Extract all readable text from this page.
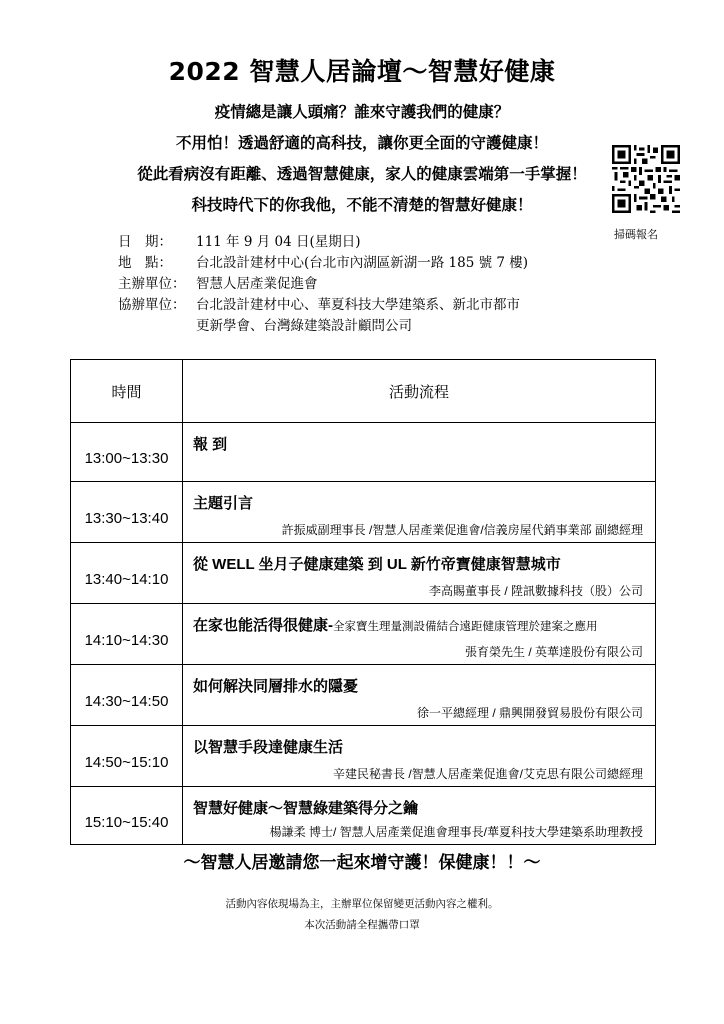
2022 智慧人居論壇～智慧好健康
疫情總是讓人頭痛？誰來守護我們的健康？
不用怕！透過舒適的高科技，讓你更全面的守護健康！
從此看病沒有距離、透過智慧健康，家人的健康雲端第一手掌握！
科技時代下的你我他，不能不清楚的智慧好健康！
掃碼報名
日　期：	111 年 9 月 04 日(星期日)
地　點：	台北設計建材中心(台北市內湖區新湖一路 185 號 7 樓)
主辦單位： 智慧人居產業促進會
協辦單位： 台北設計建材中心、華夏科技大學建築系、新北市都市
更新學會、台灣綠建築設計顧問公司
時間	活動流程
13:00~13:30	報 到

13:30~13:40	主題引言
許振威副理事長 /智慧人居產業促進會/信義房屋代銷事業部 副總經理

13:40~14:10	從 WELL 坐月子健康建築 到 UL 新竹帝寶健康智慧城市
李高賜董事長 / 陞訊數據科技（股）公司

14:10~14:30	在家也能活得很健康-全家寶生理量測設備結合遠距健康管理於建案之應用
張育榮先生 / 英華達股份有限公司

14:30~14:50	如何解決同層排水的隱憂
徐一平總經理 / 鼎興開發貿易股份有限公司

14:50~15:10	以智慧手段達健康生活
辛建民秘書長 /智慧人居產業促進會/艾克思有限公司總經理

15:10~15:40	智慧好健康～智慧綠建築得分之鑰
楊謙柔 博士/ 智慧人居產業促進會理事長/華夏科技大學建築系助理教授
～智慧人居邀請您一起來增守護！保健康！！～
活動內容依現場為主，主辦單位保留變更活動內容之權利。
本次活動請全程攜帶口罩
